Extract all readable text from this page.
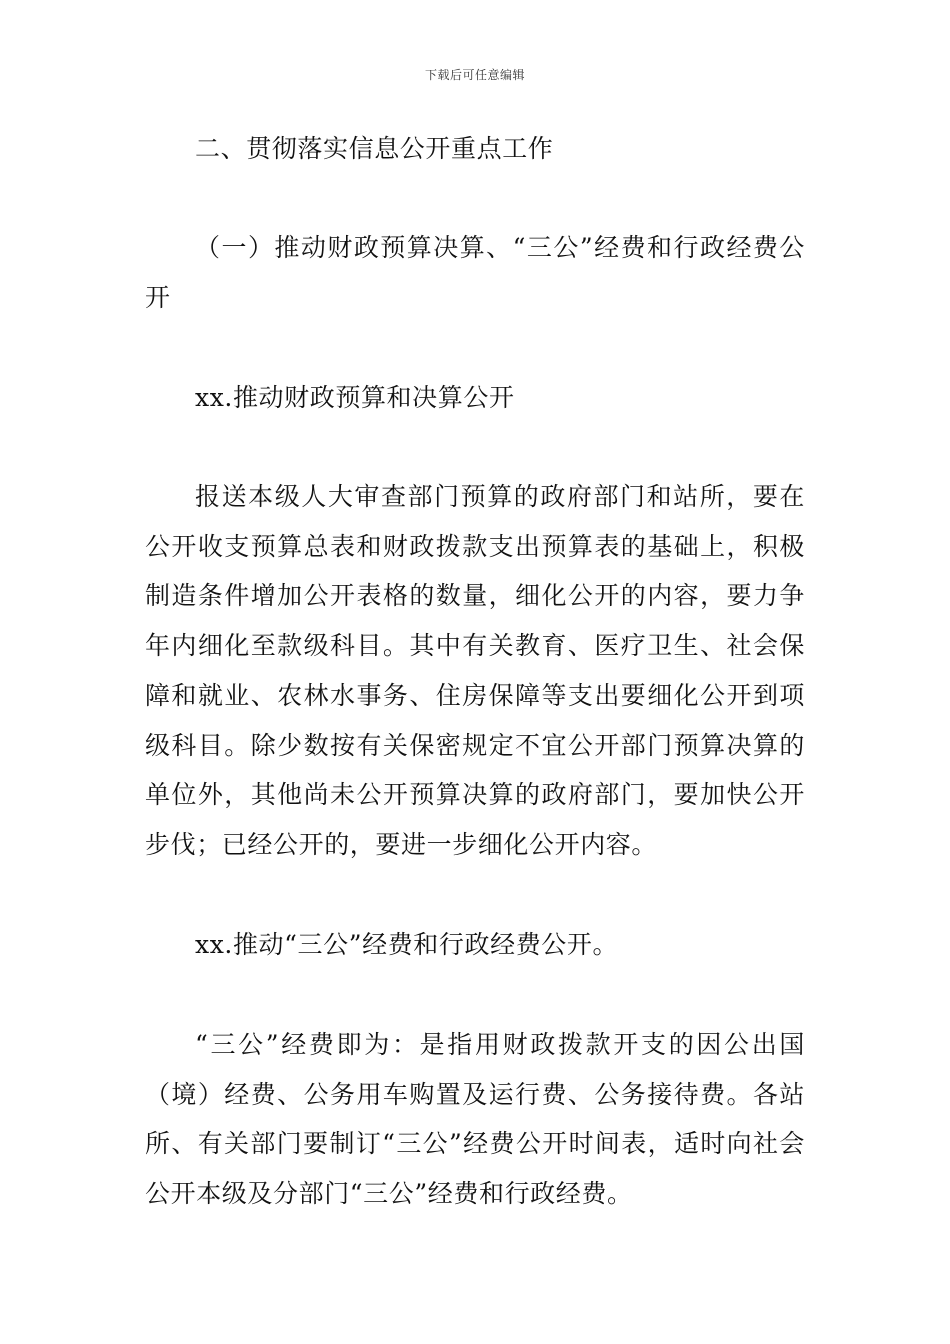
下载后可任意编辑
二、贯彻落实信息公开重点工作
（一）推动财政预算决算、“三公”经费和行政经费公开
xx.推动财政预算和决算公开
报送本级人大审查部门预算的政府部门和站所，要在公开收支预算总表和财政拨款支出预算表的基础上，积极制造条件增加公开表格的数量，细化公开的内容，要力争年内细化至款级科目。其中有关教育、医疗卫生、社会保障和就业、农林水事务、住房保障等支出要细化公开到项级科目。除少数按有关保密规定不宜公开部门预算决算的单位外，其他尚未公开预算决算的政府部门，要加快公开步伐；已经公开的，要进一步细化公开内容。
xx.推动“三公”经费和行政经费公开。
“三公”经费即为：是指用财政拨款开支的因公出国（境）经费、公务用车购置及运行费、公务接待费。各站所、有关部门要制订“三公”经费公开时间表，适时向社会公开本级及分部门“三公”经费和行政经费。
